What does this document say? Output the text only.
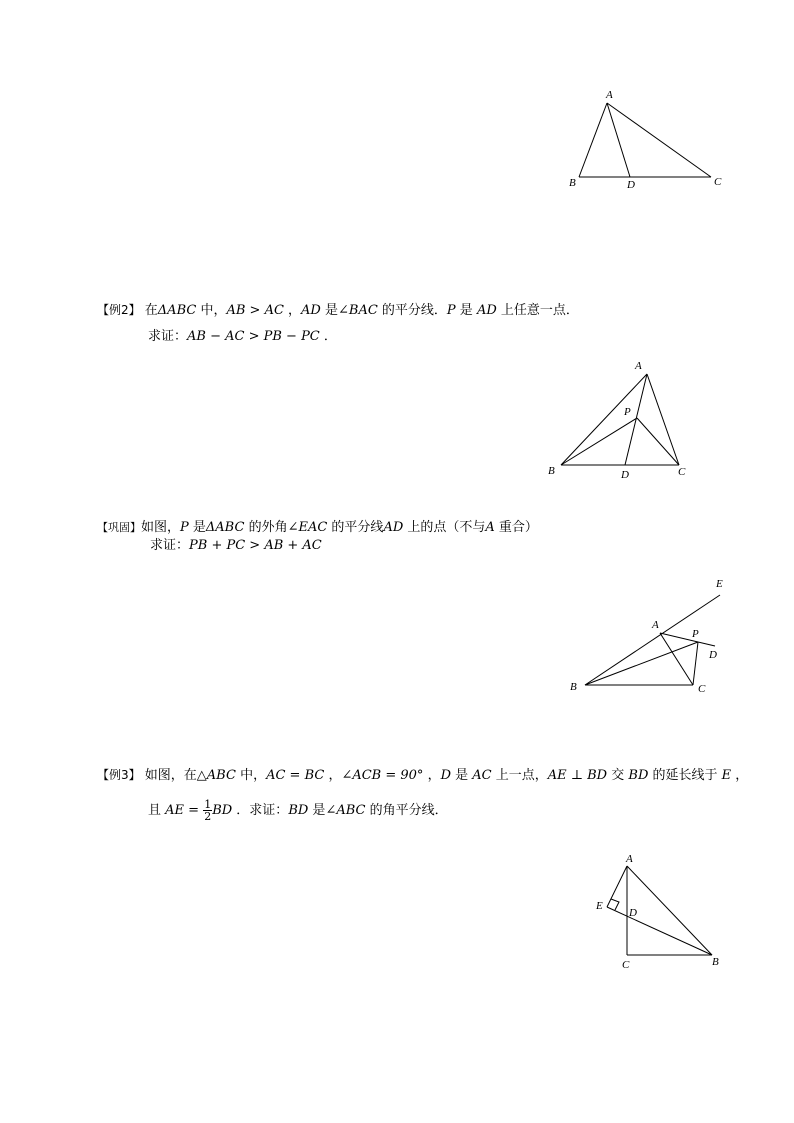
A
B	D	C
【例2】 在ΔABC 中，AB > AC ，AD 是∠BAC 的平分线．P 是 AD 上任意一点．
求证：AB − AC > PB − PC ．
A
P
B	D	C
【巩固】如图，P 是ΔABC 的外角∠EAC 的平分线AD 上的点（不与A 重合）
求证：PB + PC > AB + AC
E
A
P
D
B	C
【例3】 如图，在△ABC 中，AC = BC ，∠ACB = 90° ，D 是 AC 上一点，AE ⊥ BD 交 BD 的延长线于 E ，
且 AE = $\frac{1}{2}$ BD ．求证：BD 是∠ABC 的角平分线．
A
E
D
C	B
